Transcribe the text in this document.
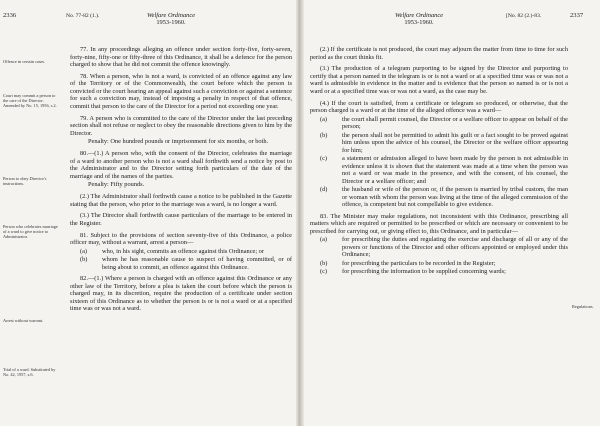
2336	No. 77-82 (1.).	Welfare Ordinance
1953-1960.
Offence in certain cases.
Court may commit a person to the care of the Director. Amended by No. 15, 1956, s.2.
Person to obey Director's instructions.
Person who celebrates marriage of a ward to give notice to Administrator.
Arrest without warrant.
Trial of a ward. Substituted by No. 42, 1957, s.6.

77. In any proceedings alleging an offence under section forty-five, forty-seven, forty-nine, fifty-one or fifty-three of this Ordinance, it shall be a defence for the person charged to show that he did not commit the offence knowingly.

78. When a person, who is not a ward, is convicted of an offence against any law of the Territory or of the Commonwealth, the court before which the person is convicted or the court hearing an appeal against such a conviction or against a sentence for such a conviction may, instead of imposing a penalty in respect of that offence, commit that person to the care of the Director for a period not exceeding one year.

79. A person who is committed to the care of the Director under the last preceding section shall not refuse or neglect to obey the reasonable directions given to him by the Director.

Penalty: One hundred pounds or imprisonment for six months, or both.

80.—(1.) A person who, with the consent of the Director, celebrates the marriage of a ward to another person who is not a ward shall forthwith send a notice by post to the Administrator and to the Director setting forth particulars of the date of the marriage and of the names of the parties.

Penalty: Fifty pounds.

(2.) The Administrator shall forthwith cause a notice to be published in the Gazette stating that the person, who prior to the marriage was a ward, is no longer a ward.

(3.) The Director shall forthwith cause particulars of the marriage to be entered in the Register.

81. Subject to the provisions of section seventy-five of this Ordinance, a police officer may, without a warrant, arrest a person—

(a)	who, in his sight, commits an offence against this Ordinance; or
(b)	whom he has reasonable cause to suspect of having committed, or of being about to commit, an offence against this Ordinance.

82.—(1.) Where a person is charged with an offence against this Ordinance or any other law of the Territory, before a plea is taken the court before which the person is charged may, in its discretion, require the production of a certificate under section sixteen of this Ordinance as to whether the person is or is not a ward or at a specified time was or was not a ward.

Welfare Ordinance
1953-1960.
[No. 82 (2.)-83.	2337
Regulations.

(2.) If the certificate is not produced, the court may adjourn the matter from time to time for such period as the court thinks fit.

(3.) The production of a telegram purporting to be signed by the Director and purporting to certify that a person named in the telegram is or is not a ward or at a specified time was or was not a ward is admissible in evidence in the matter and is evidence that the person so named is or is not a ward or at a specified time was or was not a ward, as the case may be.

(4.) If the court is satisfied, from a certificate or telegram so produced, or otherwise, that the person charged is a ward or at the time of the alleged offence was a ward—

(a)	the court shall permit counsel, the Director or a welfare officer to appear on behalf of the person;
(b)	the person shall not be permitted to admit his guilt or a fact sought to be proved against him unless upon the advice of his counsel, the Director or the welfare officer appearing for him;
(c)	a statement or admission alleged to have been made by the person is not admissible in evidence unless it is shown that the statement was made at a time when the person was not a ward or was made in the presence, and with the consent, of his counsel, the Director or a welfare officer; and
(d)	the husband or wife of the person or, if the person is married by tribal custom, the man or woman with whom the person was living at the time of the alleged commission of the offence, is competent but not compellable to give evidence.

83. The Minister may make regulations, not inconsistent with this Ordinance, prescribing all matters which are required or permitted to be prescribed or which are necessary or convenient to be prescribed for carrying out, or giving effect to, this Ordinance, and in particular—

(a)	for prescribing the duties and regulating the exercise and discharge of all or any of the powers or functions of the Director and other officers appointed or employed under this Ordinance;
(b)	for prescribing the particulars to be recorded in the Register;
(c)	for prescribing the information to be supplied concerning wards;
